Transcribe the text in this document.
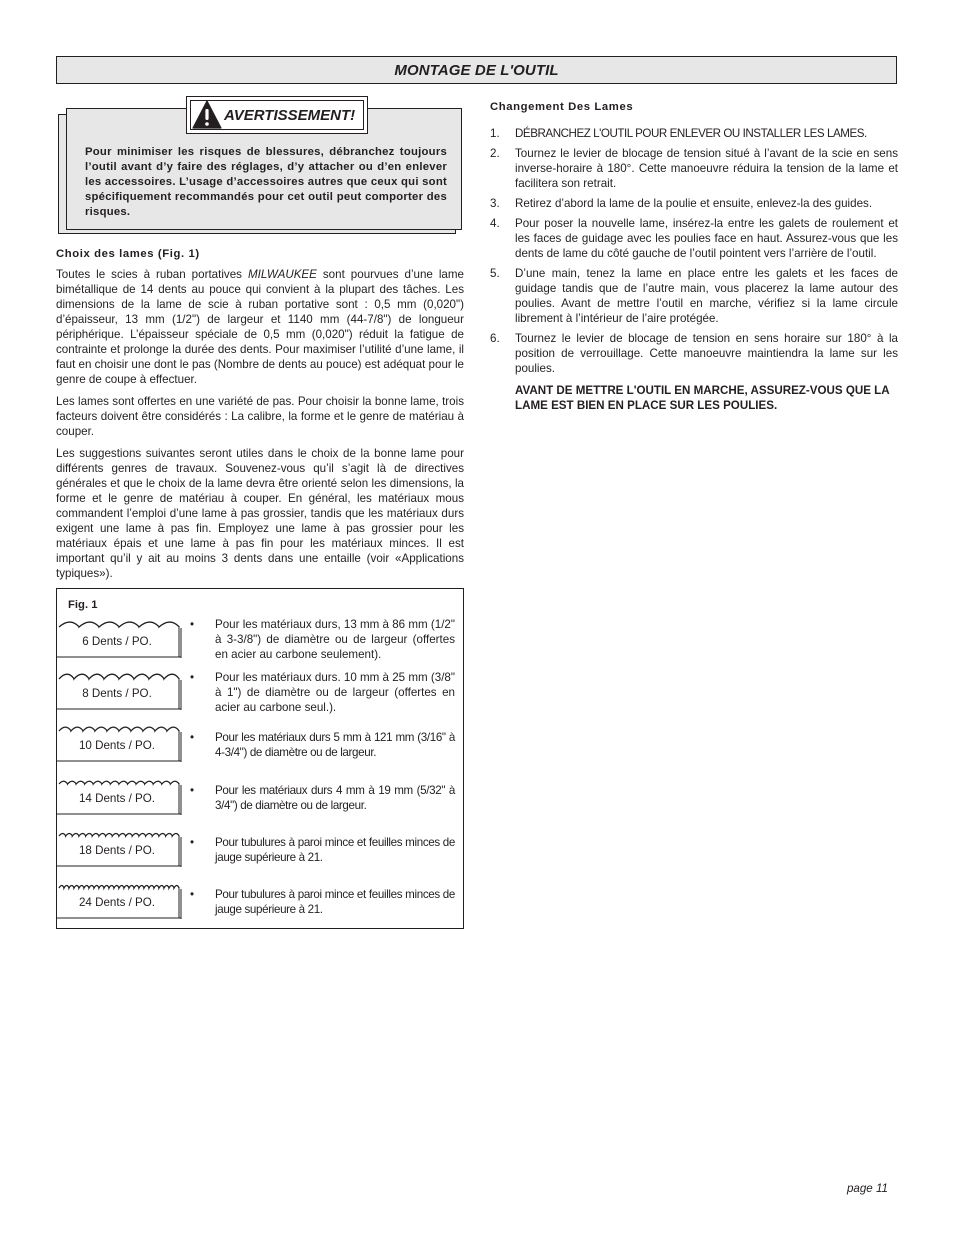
MONTAGE DE L'OUTIL
Pour minimiser les risques de blessures, débranchez toujours l’outil avant d’y faire des réglages, d’y attacher ou d’en enlever les accessoires. L’usage d’accessoires autres que ceux qui sont spécifiquement recommandés pour cet outil peut comporter des risques.
AVERTISSEMENT!
Choix des lames (Fig. 1)

Toutes le scies à ruban portatives MILWAUKEE sont pourvues d’une lame bimétallique de 14 dents au pouce qui convient à la plupart des tâches. Les dimensions de la lame de scie à ruban portative sont : 0,5 mm (0,020") d’épaisseur, 13 mm (1/2") de largeur et 1140 mm (44-7/8") de longueur périphérique. L’épaisseur spéciale de 0,5 mm (0,020") réduit la fatigue de contrainte et prolonge la durée des dents. Pour maximiser l’utilité d’une lame, il faut en choisir une dont le pas (Nombre de dents au pouce) est adéquat pour le genre de coupe à effectuer.

Les lames sont offertes en une variété de pas. Pour choisir la bonne lame, trois facteurs doivent être considérés : La calibre, la forme et le genre de matériau à couper.

Les suggestions suivantes seront utiles dans le choix de la bonne lame pour différents genres de travaux. Souvenez-vous qu’il s’agit là de directives générales et que le choix de la lame devra être orienté selon les dimensions, la forme et le genre de matériau à couper. En général, les matériaux mous commandent l’emploi d’une lame à pas grossier, tandis que les matériaux durs exigent une lame à pas fin. Employez une lame à pas grossier pour les matériaux épais et une lame à pas fin pour les matériaux minces. Il est important qu’il y ait au moins 3 dents dans une entaille (voir «Applications typiques»).

Fig. 1
6 Dents / PO.
• Pour les matériaux durs, 13 mm à 86 mm (1/2" à 3-3/8") de diamètre ou de largeur (offertes en acier au carbone seulement).
8 Dents / PO.
• Pour les matériaux durs. 10 mm à 25 mm (3/8" à 1") de diamètre ou de largeur (offertes en acier au carbone seul.).
10 Dents / PO.
• Pour les matériaux durs 5 mm à 121 mm (3/16" à 4-3/4") de diamètre ou de largeur.
14 Dents / PO.
• Pour les matériaux durs 4 mm à 19 mm (5/32" à 3/4") de diamètre ou de largeur.
18 Dents / PO.
• Pour tubulures à paroi mince et feuilles minces de jauge supérieure à 21.
24 Dents / PO.
• Pour tubulures à paroi mince et feuilles minces de jauge supérieure à 21.
Changement Des Lames
1. DÉBRANCHEZ L'OUTIL POUR ENLEVER OU INSTALLER LES LAMES.
2. Tournez le levier de blocage de tension situé à l’avant de la scie en sens inverse-horaire à 180°. Cette manoeuvre réduira la tension de la lame et facilitera son retrait.
3. Retirez d’abord la lame de la poulie et ensuite, enlevez-la des guides.
4. Pour poser la nouvelle lame, insérez-la entre les galets de roulement et les faces de guidage avec les poulies face en haut. Assurez-vous que les dents de lame du côté gauche de l’outil pointent vers l’arrière de l’outil.
5. D’une main, tenez la lame en place entre les galets et les faces de guidage tandis que de l’autre main, vous placerez la lame autour des poulies. Avant de mettre l’outil en marche, vérifiez si la lame circule librement à l’intérieur de l’aire protégée.
6. Tournez le levier de blocage de tension en sens horaire sur 180° à la position de verrouillage. Cette manoeuvre maintiendra la lame sur les poulies.
AVANT DE METTRE L'OUTIL EN MARCHE, ASSUREZ-VOUS QUE LA LAME EST BIEN EN PLACE SUR LES POULIES.
page 11
